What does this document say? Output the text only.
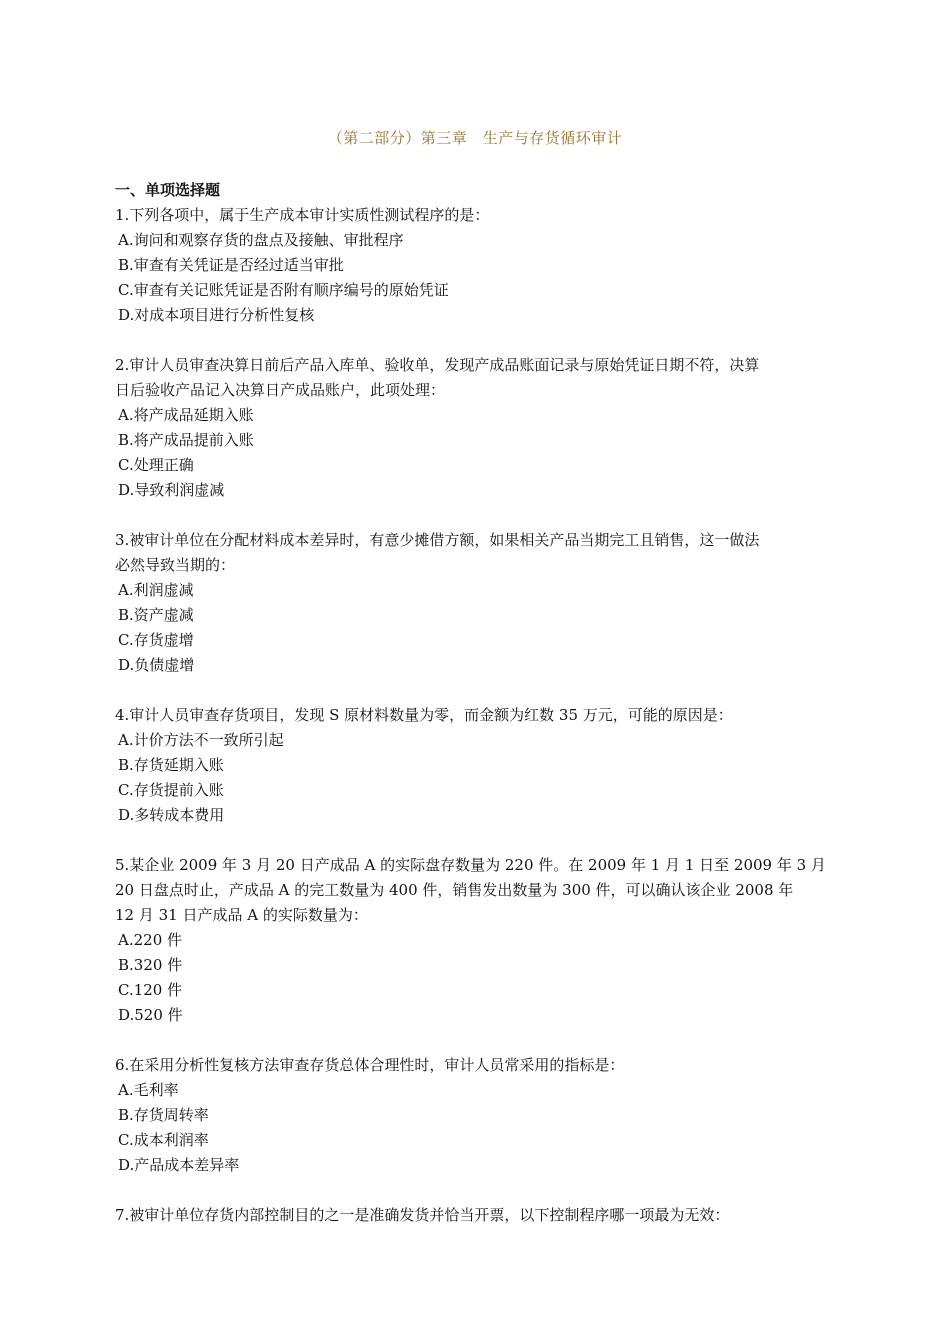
（第二部分）第三章　生产与存货循环审计
一、单项选择题
1.下列各项中，属于生产成本审计实质性测试程序的是：
A.询问和观察存货的盘点及接触、审批程序
B.审查有关凭证是否经过适当审批
C.审查有关记账凭证是否附有顺序编号的原始凭证
D.对成本项目进行分析性复核
2.审计人员审查决算日前后产品入库单、验收单，发现产成品账面记录与原始凭证日期不符，决算
日后验收产品记入决算日产成品账户，此项处理：
A.将产成品延期入账
B.将产成品提前入账
C.处理正确
D.导致利润虚减
3.被审计单位在分配材料成本差异时，有意少摊借方额，如果相关产品当期完工且销售，这一做法
必然导致当期的：
A.利润虚减
B.资产虚减
C.存货虚增
D.负债虚增
4.审计人员审查存货项目，发现 S 原材料数量为零，而金额为红数 35 万元，可能的原因是：
A.计价方法不一致所引起
B.存货延期入账
C.存货提前入账
D.多转成本费用
5.某企业 2009 年 3 月 20 日产成品 A 的实际盘存数量为 220 件。在 2009 年 1 月 1 日至 2009 年 3 月
20 日盘点时止，产成品 A 的完工数量为 400 件，销售发出数量为 300 件，可以确认该企业 2008 年
12 月 31 日产成品 A 的实际数量为：
A.220 件
B.320 件
C.120 件
D.520 件
6.在采用分析性复核方法审查存货总体合理性时，审计人员常采用的指标是：
A.毛利率
B.存货周转率
C.成本利润率
D.产品成本差异率
7.被审计单位存货内部控制目的之一是准确发货并恰当开票，以下控制程序哪一项最为无效：
